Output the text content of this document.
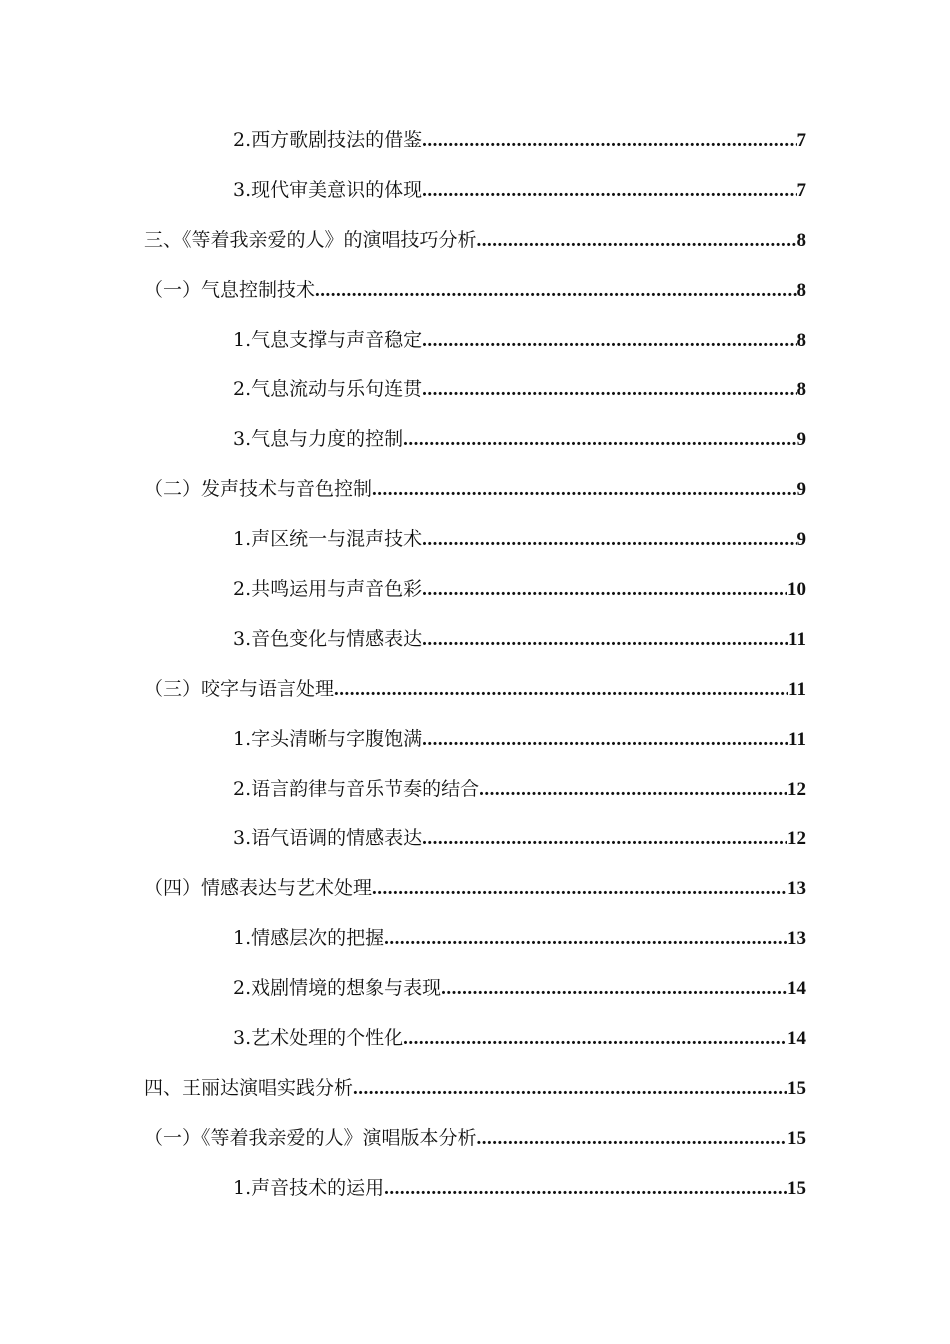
2.西方歌剧技法的借鉴 .....	7
3.现代审美意识的体现 .....	7
三、《等着我亲爱的人》的演唱技巧分析 .....	8
（一）气息控制技术 .....	8
1.气息支撑与声音稳定 .....	8
2.气息流动与乐句连贯 .....	8
3.气息与力度的控制 .....	9
（二）发声技术与音色控制 .....	9
1.声区统一与混声技术 .....	9
2.共鸣运用与声音色彩 .....	10
3.音色变化与情感表达 .....	11
（三）咬字与语言处理 .....	11
1.字头清晰与字腹饱满 .....	11
2.语言韵律与音乐节奏的结合 .....	12
3.语气语调的情感表达 .....	12
（四）情感表达与艺术处理 .....	13
1.情感层次的把握 .....	13
2.戏剧情境的想象与表现 .....	14
3.艺术处理的个性化 .....	14
四、王丽达演唱实践分析 .....	15
（一）《等着我亲爱的人》演唱版本分析 .....	15
1.声音技术的运用 .....	15
